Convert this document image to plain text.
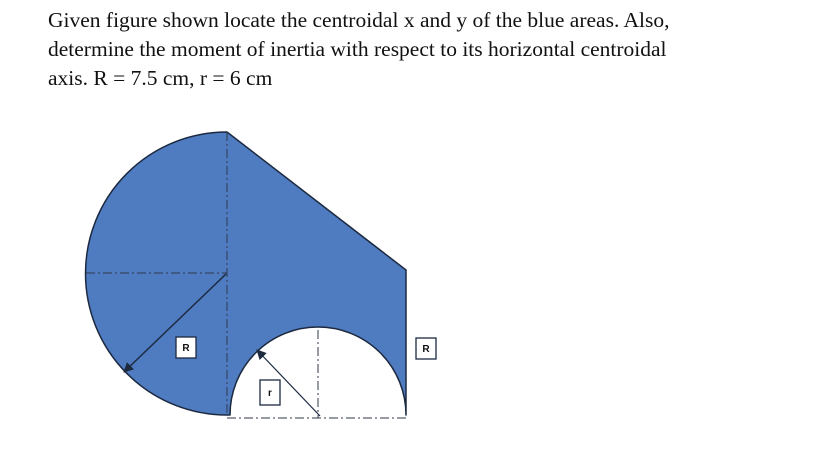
Given figure shown locate the centroidal x and y of the blue areas. Also,
determine the moment of inertia with respect to its horizontal centroidal
axis. R = 7.5 cm, r = 6 cm
R	R
r
